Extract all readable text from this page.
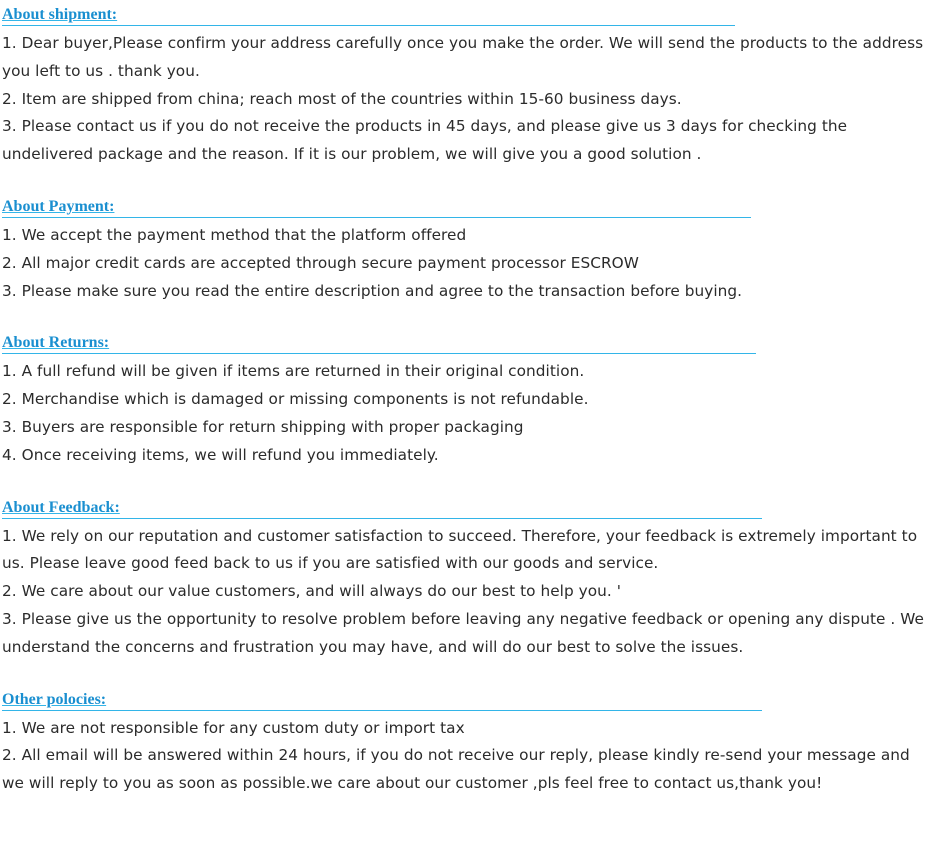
About shipment:
1. Dear buyer,Please confirm your address carefully once you make the order. We will send the products to the address you left to us . thank you.
2. Item are shipped from china; reach most of the countries within 15-60 business days.
3. Please contact us if you do not receive the products in 45 days, and please give us 3 days for checking the undelivered package and the reason. If it is our problem, we will give you a good solution .
About Payment:
1. We accept the payment method that the platform offered
2. All major credit cards are accepted through secure payment processor ESCROW
3. Please make sure you read the entire description and agree to the transaction before buying.
About Returns:
1. A full refund will be given if items are returned in their original condition.
2. Merchandise which is damaged or missing components is not refundable.
3. Buyers are responsible for return shipping with proper packaging
4. Once receiving items, we will refund you immediately.
About Feedback:
1. We rely on our reputation and customer satisfaction to succeed. Therefore, your feedback is extremely important to us. Please leave good feed back to us if you are satisfied with our goods and service.
2. We care about our value customers, and will always do our best to help you. '
3. Please give us the opportunity to resolve problem before leaving any negative feedback or opening any dispute . We understand the concerns and frustration you may have, and will do our best to solve the issues.
Other polocies:
1. We are not responsible for any custom duty or import tax
2. All email will be answered within 24 hours, if you do not receive our reply, please kindly re-send your message and we will reply to you as soon as possible.we care about our customer ,pls feel free to contact us,thank you!
